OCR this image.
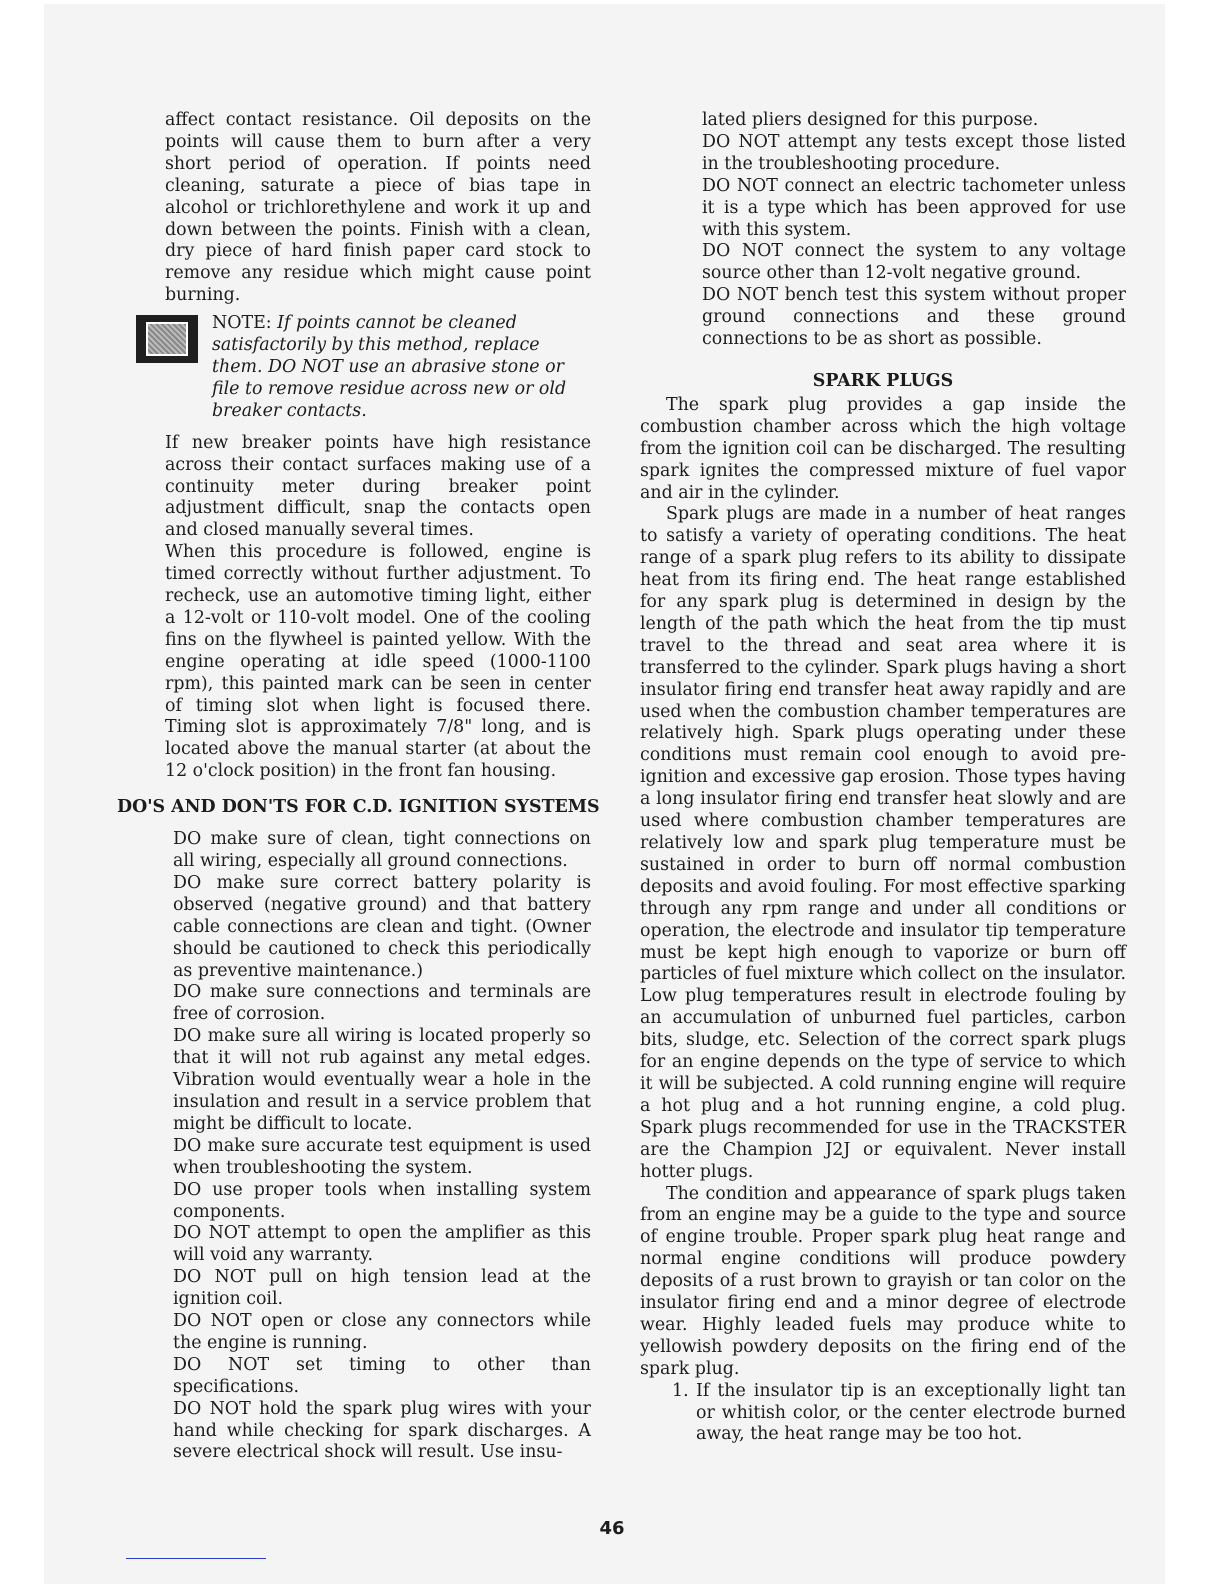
affect contact resistance. Oil deposits on the points will cause them to burn after a very short period of operation. If points need cleaning, saturate a piece of bias tape in alcohol or trichlorethylene and work it up and down between the points. Finish with a clean, dry piece of hard finish paper card stock to remove any residue which might cause point burning.

NOTE: If points cannot be cleaned satisfactorily by this method, replace them. DO NOT use an abrasive stone or file to remove residue across new or old breaker contacts.

If new breaker points have high resistance across their contact surfaces making use of a continuity meter during breaker point adjustment difficult, snap the contacts open and closed manually several times.

When this procedure is followed, engine is timed correctly without further adjustment. To recheck, use an automotive timing light, either a 12-volt or 110-volt model. One of the cooling fins on the flywheel is painted yellow. With the engine operating at idle speed (1000-1100 rpm), this painted mark can be seen in center of timing slot when light is focused there. Timing slot is approximately 7/8" long, and is located above the manual starter (at about the 12 o'clock position) in the front fan housing.

DO'S AND DON'TS FOR C.D. IGNITION SYSTEMS

DO make sure of clean, tight connections on all wiring, especially all ground connections.

DO make sure correct battery polarity is observed (negative ground) and that battery cable connections are clean and tight. (Owner should be cautioned to check this periodically as preventive maintenance.)

DO make sure connections and terminals are free of corrosion.

DO make sure all wiring is located properly so that it will not rub against any metal edges. Vibration would eventually wear a hole in the insulation and result in a service problem that might be difficult to locate.

DO make sure accurate test equipment is used when troubleshooting the system.

DO use proper tools when installing system components.

DO NOT attempt to open the amplifier as this will void any warranty.

DO NOT pull on high tension lead at the ignition coil.

DO NOT open or close any connectors while the engine is running.

DO NOT set timing to other than specifications.

DO NOT hold the spark plug wires with your hand while checking for spark discharges. A severe electrical shock will result. Use insu-

lated pliers designed for this purpose.

DO NOT attempt any tests except those listed in the troubleshooting procedure.

DO NOT connect an electric tachometer unless it is a type which has been approved for use with this system.

DO NOT connect the system to any voltage source other than 12-volt negative ground.

DO NOT bench test this system without proper ground connections and these ground connections to be as short as possible.

SPARK PLUGS

The spark plug provides a gap inside the combustion chamber across which the high voltage from the ignition coil can be discharged. The resulting spark ignites the compressed mixture of fuel vapor and air in the cylinder.

Spark plugs are made in a number of heat ranges to satisfy a variety of operating conditions. The heat range of a spark plug refers to its ability to dissipate heat from its firing end. The heat range established for any spark plug is determined in design by the length of the path which the heat from the tip must travel to the thread and seat area where it is transferred to the cylinder. Spark plugs having a short insulator firing end transfer heat away rapidly and are used when the combustion chamber temperatures are relatively high. Spark plugs operating under these conditions must remain cool enough to avoid pre-ignition and excessive gap erosion. Those types having a long insulator firing end transfer heat slowly and are used where combustion chamber temperatures are relatively low and spark plug temperature must be sustained in order to burn off normal combustion deposits and avoid fouling. For most effective sparking through any rpm range and under all conditions or operation, the electrode and insulator tip temperature must be kept high enough to vaporize or burn off particles of fuel mixture which collect on the insulator. Low plug temperatures result in electrode fouling by an accumulation of unburned fuel particles, carbon bits, sludge, etc. Selection of the correct spark plugs for an engine depends on the type of service to which it will be subjected. A cold running engine will require a hot plug and a hot running engine, a cold plug. Spark plugs recommended for use in the TRACKSTER are the Champion J2J or equivalent. Never install hotter plugs.

The condition and appearance of spark plugs taken from an engine may be a guide to the type and source of engine trouble. Proper spark plug heat range and normal engine conditions will produce powdery deposits of a rust brown to grayish or tan color on the insulator firing end and a minor degree of electrode wear. Highly leaded fuels may produce white to yellowish powdery deposits on the firing end of the spark plug.

1. If the insulator tip is an exceptionally light tan or whitish color, or the center electrode burned away, the heat range may be too hot.
46
